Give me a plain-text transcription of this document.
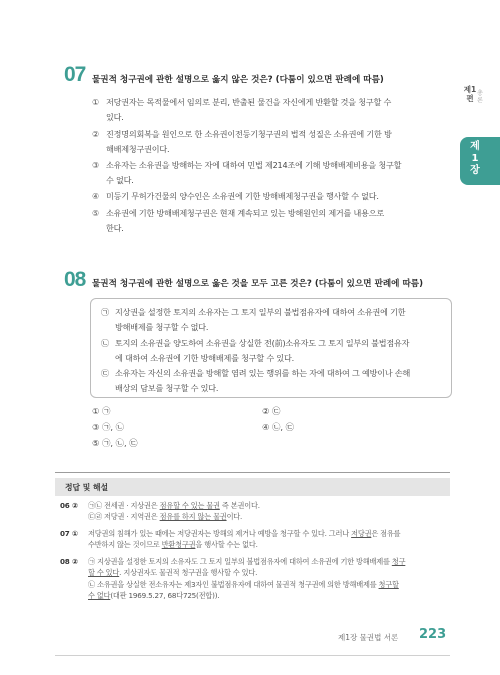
07 물권적 청구권에 관한 설명으로 옳지 않은 것은? (다툼이 있으면 판례에 따름)
① 저당권자는 목적물에서 임의로 분리, 반출된 물건을 자신에게 반환할 것을 청구할 수
있다.
② 진정명의회복을 원인으로 한 소유권이전등기청구권의 법적 성질은 소유권에 기한 방
해배제청구권이다.
③ 소유자는 소유권을 방해하는 자에 대하여 민법 제214조에 기해 방해배제비용을 청구할
수 없다.
④ 미등기 무허가건물의 양수인은 소유권에 기한 방해배제청구권을 행사할 수 없다.
⑤ 소유권에 기한 방해배제청구권은 현재 계속되고 있는 방해원인의 제거를 내용으로
한다.
08 물권적 청구권에 관한 설명으로 옳은 것을 모두 고른 것은? (다툼이 있으면 판례에 따름)
㉠ 지상권을 설정한 토지의 소유자는 그 토지 일부의 불법점유자에 대하여 소유권에 기한
방해배제를 청구할 수 없다.
㉡ 토지의 소유권을 양도하여 소유권을 상실한 전(前)소유자도 그 토지 일부의 불법점유자
에 대하여 소유권에 기한 방해배제를 청구할 수 있다.
㉢ 소유자는 자신의 소유권을 방해할 염려 있는 행위를 하는 자에 대하여 그 예방이나 손해
배상의 담보를 청구할 수 있다.
① ㉠	② ㉢
③ ㉠, ㉡	④ ㉡, ㉢
⑤ ㉠, ㉡, ㉢
제1편
총론
제1장
정답 및 해설
06 ② ㉠㉡ 전세권 · 지상권은 점유할 수 있는 물권 즉 본권이다.
㉢㉣ 저당권 · 지역권은 점유를 하지 않는 물권이다.
07 ① 저당권의 침해가 있는 때에는 저당권자는 방해의 제거나 예방을 청구할 수 있다. 그러나 저당권은 점유를
수반하지 않는 것이므로 반환청구권을 행사할 수는 없다.
08 ② ㉠ 지상권을 설정한 토지의 소유자도 그 토지 일부의 불법점유자에 대하여 소유권에 기한 방해배제를 청구
할 수 있다. 지상권자도 물권적 청구권을 행사할 수 있다.
㉡ 소유권을 상실한 전소유자는 제3자인 불법점유자에 대하여 물권적 청구권에 의한 방해배제를 청구할
수 없다(대판 1969.5.27, 68다725(전합)).
제1장 물권법 서론 223
